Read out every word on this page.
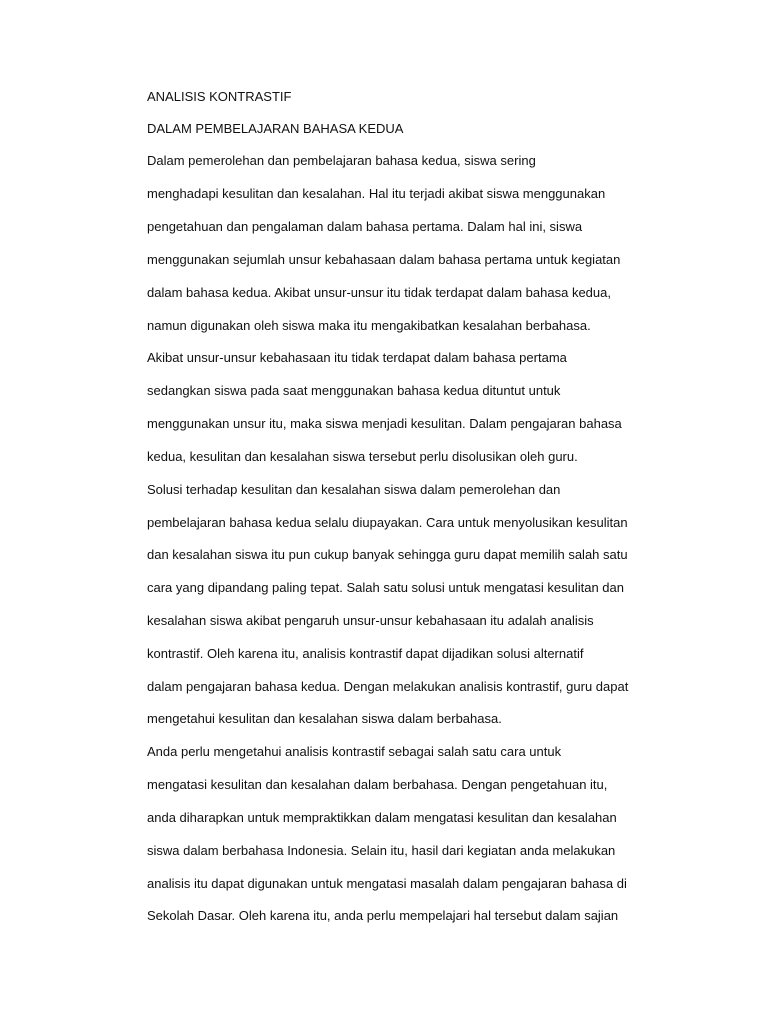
ANALISIS KONTRASTIF
DALAM PEMBELAJARAN BAHASA KEDUA
Dalam pemerolehan dan pembelajaran bahasa kedua, siswa sering
menghadapi kesulitan dan kesalahan. Hal itu terjadi akibat siswa menggunakan
pengetahuan dan pengalaman dalam bahasa pertama. Dalam hal ini, siswa
menggunakan sejumlah unsur kebahasaan dalam bahasa pertama untuk kegiatan
dalam bahasa kedua. Akibat unsur-unsur itu tidak terdapat dalam bahasa kedua,
namun digunakan oleh siswa maka itu mengakibatkan kesalahan berbahasa.
Akibat unsur-unsur kebahasaan itu tidak terdapat dalam bahasa pertama
sedangkan siswa pada saat menggunakan bahasa kedua dituntut untuk
menggunakan unsur itu, maka siswa menjadi kesulitan. Dalam pengajaran bahasa
kedua, kesulitan dan kesalahan siswa tersebut perlu disolusikan oleh guru.
Solusi terhadap kesulitan dan kesalahan siswa dalam pemerolehan dan
pembelajaran bahasa kedua selalu diupayakan. Cara untuk menyolusikan kesulitan
dan kesalahan siswa itu pun cukup banyak sehingga guru dapat memilih salah satu
cara yang dipandang paling tepat. Salah satu solusi untuk mengatasi kesulitan dan
kesalahan siswa akibat pengaruh unsur-unsur kebahasaan itu adalah analisis
kontrastif. Oleh karena itu, analisis kontrastif dapat dijadikan solusi alternatif
dalam pengajaran bahasa kedua. Dengan melakukan analisis kontrastif, guru dapat
mengetahui kesulitan dan kesalahan siswa dalam berbahasa.
Anda perlu mengetahui analisis kontrastif sebagai salah satu cara untuk
mengatasi kesulitan dan kesalahan dalam berbahasa. Dengan pengetahuan itu,
anda diharapkan untuk mempraktikkan dalam mengatasi kesulitan dan kesalahan
siswa dalam berbahasa Indonesia. Selain itu, hasil dari kegiatan anda melakukan
analisis itu dapat digunakan untuk mengatasi masalah dalam pengajaran bahasa di
Sekolah Dasar. Oleh karena itu, anda perlu mempelajari hal tersebut dalam sajian
